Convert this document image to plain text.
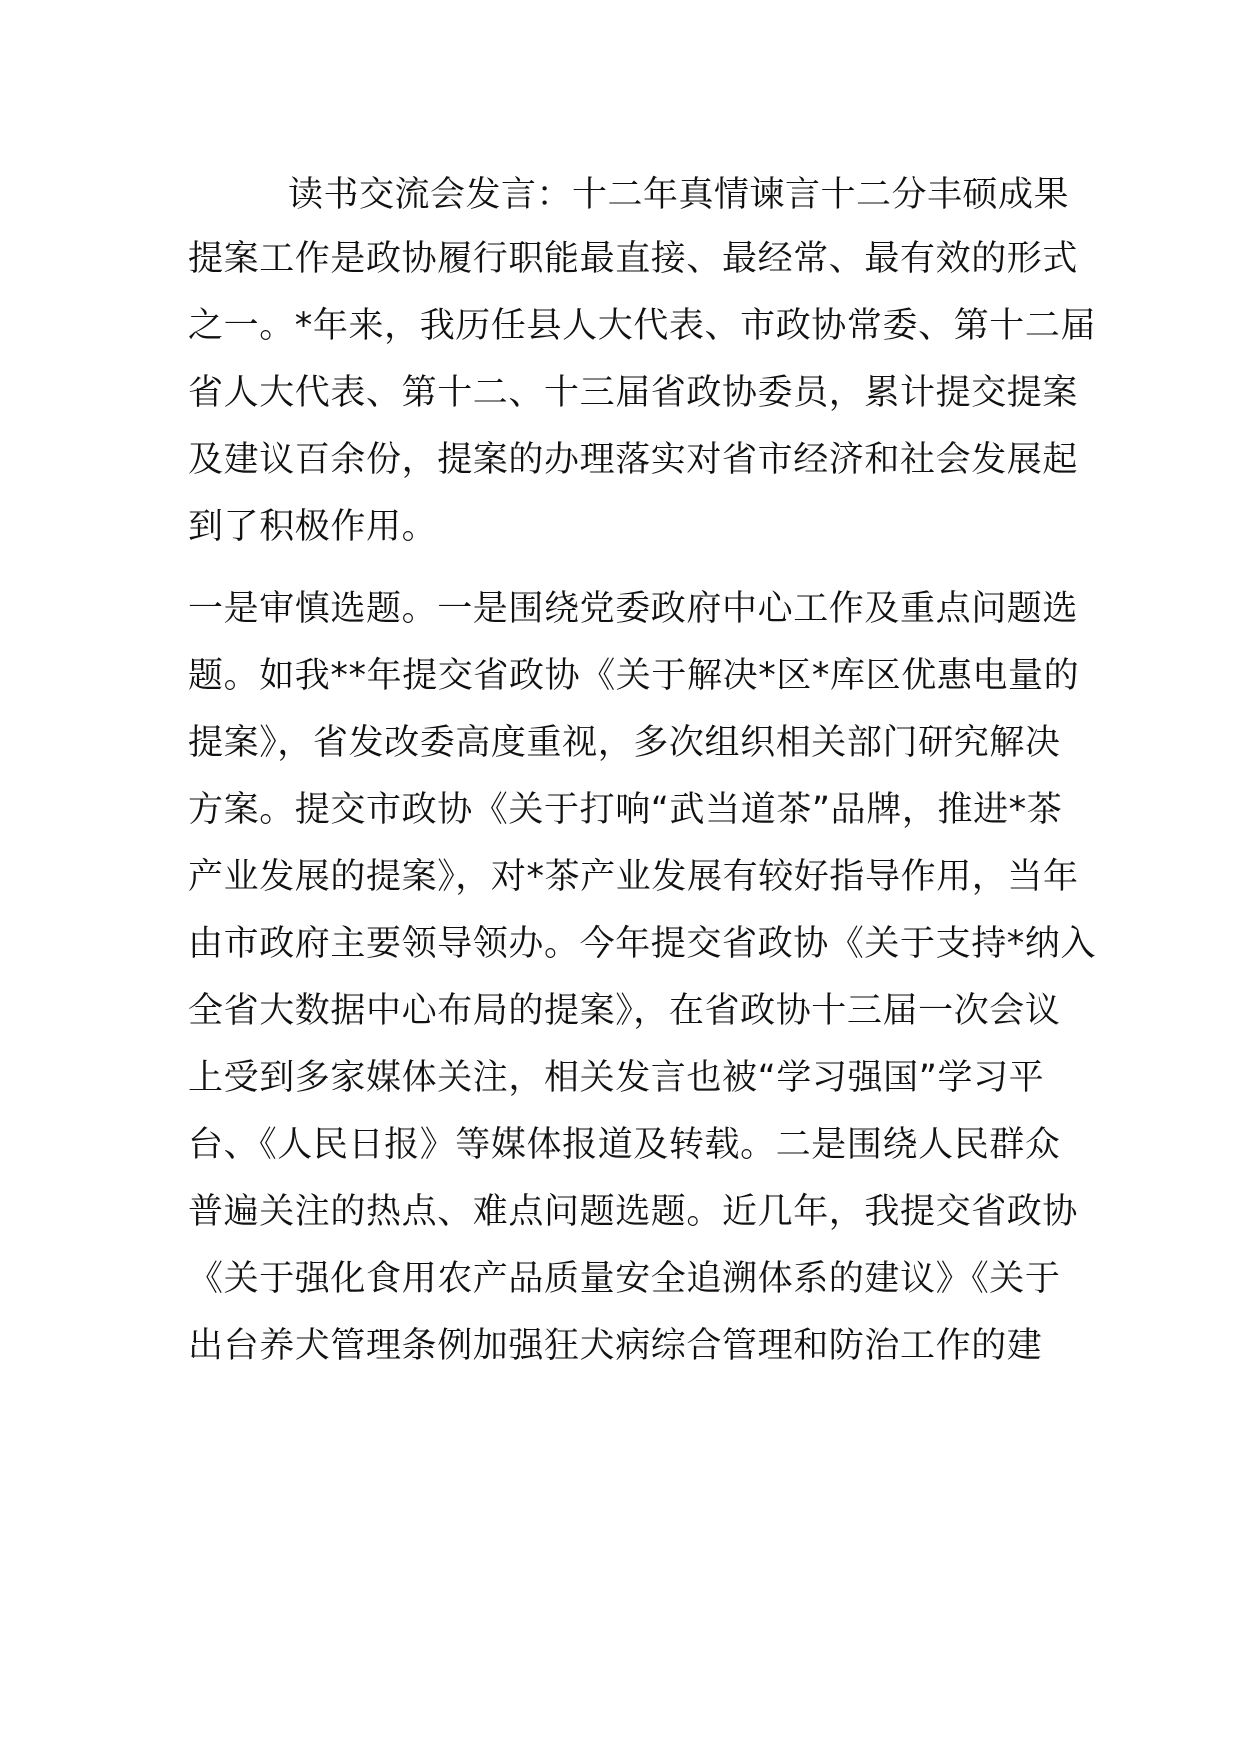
读书交流会发言：十二年真情谏言十二分丰硕成果
提案工作是政协履行职能最直接、最经常、最有效的形式
之一。*年来，我历任县人大代表、市政协常委、第十二届
省人大代表、第十二、十三届省政协委员，累计提交提案
及建议百余份，提案的办理落实对省市经济和社会发展起
到了积极作用。
一是审慎选题。一是围绕党委政府中心工作及重点问题选
题。如我**年提交省政协《关于解决*区*库区优惠电量的
提案》，省发改委高度重视，多次组织相关部门研究解决
方案。提交市政协《关于打响“武当道茶”品牌，推进*茶
产业发展的提案》，对*茶产业发展有较好指导作用，当年
由市政府主要领导领办。今年提交省政协《关于支持*纳入
全省大数据中心布局的提案》，在省政协十三届一次会议
上受到多家媒体关注，相关发言也被“学习强国”学习平
台、《人民日报》等媒体报道及转载。二是围绕人民群众
普遍关注的热点、难点问题选题。近几年，我提交省政协
《关于强化食用农产品质量安全追溯体系的建议》《关于
出台养犬管理条例加强狂犬病综合管理和防治工作的建
